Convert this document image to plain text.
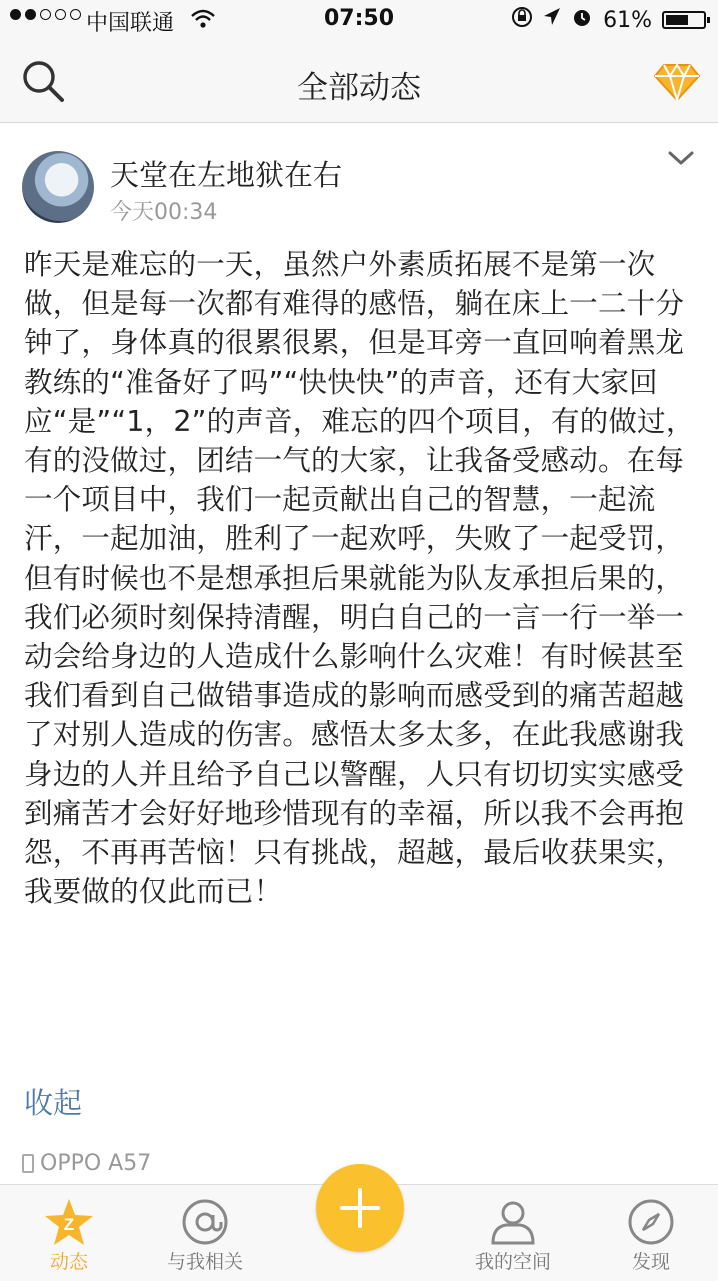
中国联通	07:50	61%
全部动态
天堂在左地狱在右
今天00:34
昨天是难忘的一天，虽然户外素质拓展不是第一次做，但是每一次都有难得的感悟，躺在床上一二十分钟了，身体真的很累很累，但是耳旁一直回响着黑龙教练的“准备好了吗”“快快快”的声音，还有大家回应“是”“1，2”的声音，难忘的四个项目，有的做过，有的没做过，团结一气的大家，让我备受感动。在每一个项目中，我们一起贡献出自己的智慧，一起流汗，一起加油，胜利了一起欢呼，失败了一起受罚，但有时候也不是想承担后果就能为队友承担后果的，我们必须时刻保持清醒，明白自己的一言一行一举一动会给身边的人造成什么影响什么灾难！有时候甚至我们看到自己做错事造成的影响而感受到的痛苦超越了对别人造成的伤害。感悟太多太多，在此我感谢我身边的人并且给予自己以警醒，人只有切切实实感受到痛苦才会好好地珍惜现有的幸福，所以我不会再抱怨，不再再苦恼！只有挑战，超越，最后收获果实，我要做的仅此而已！
收起
OPPO A57
Z
动态	与我相关	我的空间	发现
